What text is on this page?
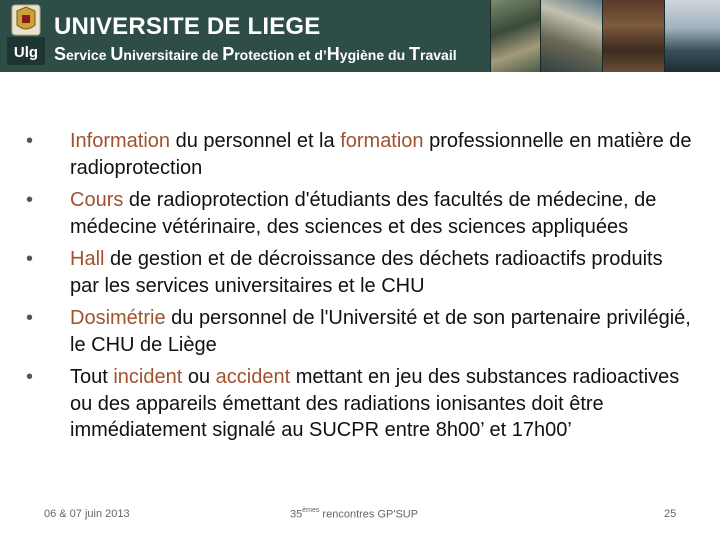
Ulg
UNIVERSITE DE LIEGE
Service Universitaire de Protection et d’Hygiène du Travail
• Information du personnel et la formation professionnelle en matière de radioprotection
• Cours de radioprotection d'étudiants des facultés de médecine, de médecine vétérinaire, des sciences et des sciences appliquées
• Hall de gestion et de décroissance des déchets radioactifs produits par les services universitaires et le CHU
• Dosimétrie du personnel de l'Université et de son partenaire privilégié, le CHU de Liège
• Tout incident ou accident mettant en jeu des substances radioactives ou des appareils émettant des radiations ionisantes doit être immédiatement signalé au SUCPR entre 8h00’ et 17h00’
06 & 07 juin 2013	35èmes rencontres GP'SUP	25
